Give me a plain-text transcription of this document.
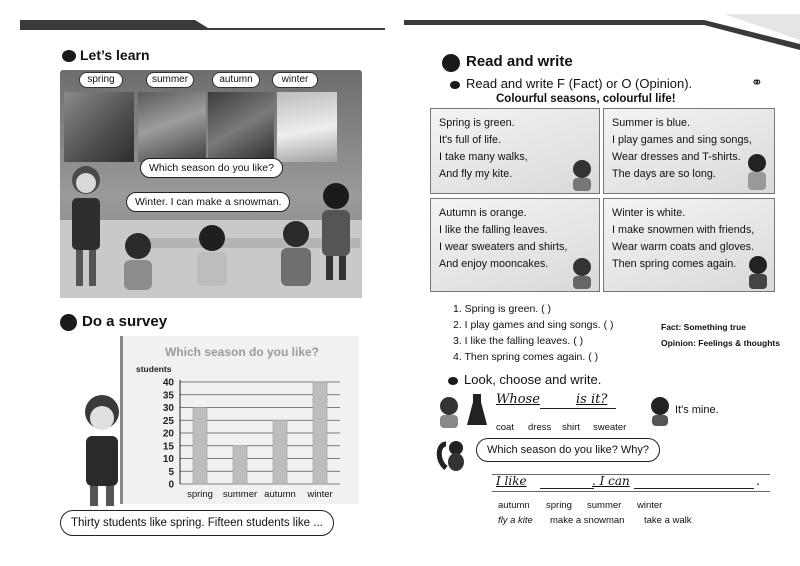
Let’s learn
spring	summer	autumn	winter
Which season do you like?
Winter. I can make a snowman.
Do a survey
Which season do you like?
students
0
5
10
15
20
25
30
35
40
spring summer autumn winter
Thirty students like spring. Fifteen students like ...
Read and write
Read and write F (Fact) or O (Opinion).	⚭
Colourful seasons, colourful life!
Spring is green.
It's full of life.
I take many walks,
And fly my kite.
Summer is blue.
I play games and sing songs,
Wear dresses and T-shirts.
The days are so long.
Autumn is orange.
I like the falling leaves.
I wear sweaters and shirts,
And enjoy mooncakes.
Winter is white.
I make snowmen with friends,
Wear warm coats and gloves.
Then spring comes again.
1. Spring is green. ( )
2. I play games and sing songs. ( )
3. I like the falling leaves. ( )
4. Then spring comes again. ( )
Fact: Something true
Opinion: Feelings & thoughts
Look, choose and write.
Whose	is it?
It's mine.
coat dress shirt sweater
Which season do you like? Why?
I like	. I can	.
autumn spring summer winter
fly a kite make a snowman take a walk
